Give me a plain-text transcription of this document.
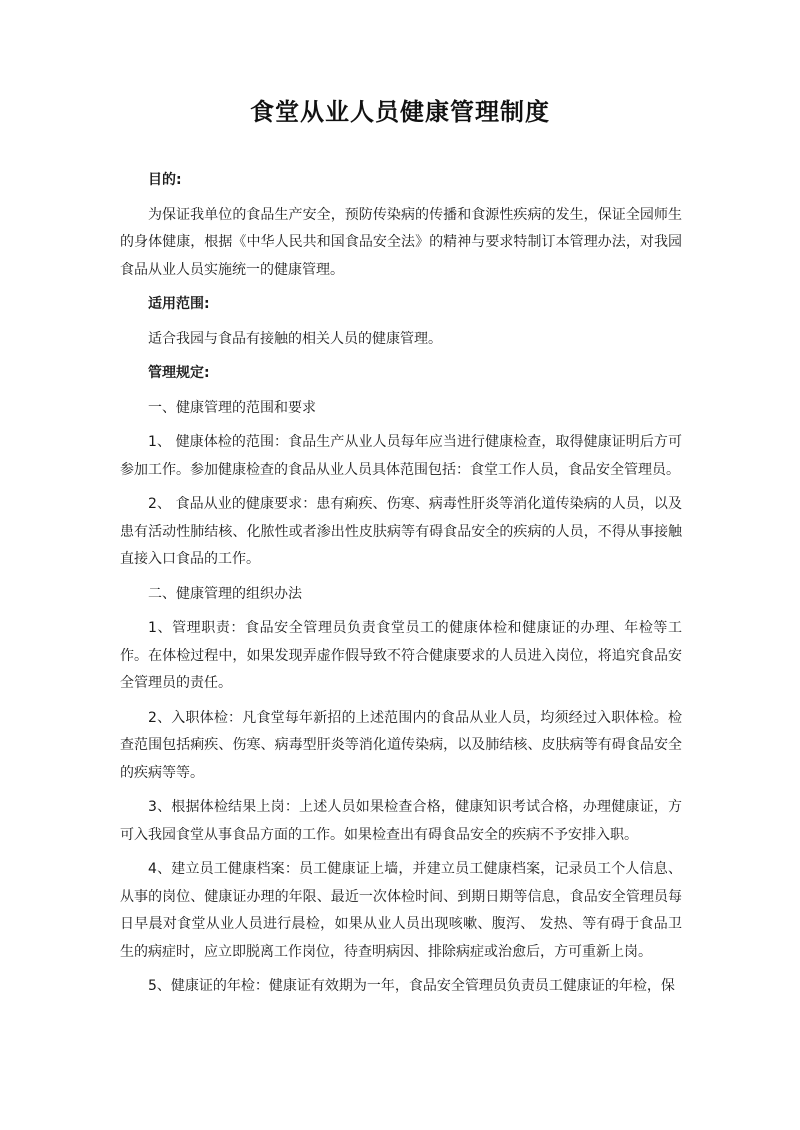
食堂从业人员健康管理制度

目的:

为保证我单位的食品生产安全，预防传染病的传播和食源性疾病的发生，保证全园师生的身体健康，根据《中华人民共和国食品安全法》的精神与要求特制订本管理办法，对我园食品从业人员实施统一的健康管理。

适用范围:

适合我园与食品有接触的相关人员的健康管理。

管理规定:

一、健康管理的范围和要求

1、 健康体检的范围：食品生产从业人员每年应当进行健康检查，取得健康证明后方可参加工作。参加健康检查的食品从业人员具体范围包括：食堂工作人员，食品安全管理员。

2、 食品从业的健康要求：患有痢疾、伤寒、病毒性肝炎等消化道传染病的人员，以及患有活动性肺结核、化脓性或者渗出性皮肤病等有碍食品安全的疾病的人员，不得从事接触直接入口食品的工作。

二、健康管理的组织办法

1、管理职责：食品安全管理员负责食堂员工的健康体检和健康证的办理、年检等工作。在体检过程中，如果发现弄虚作假导致不符合健康要求的人员进入岗位，将追究食品安全管理员的责任。

2、入职体检：凡食堂每年新招的上述范围内的食品从业人员，均须经过入职体检。检查范围包括痢疾、伤寒、病毒型肝炎等消化道传染病，以及肺结核、皮肤病等有碍食品安全的疾病等等。

3、根据体检结果上岗：上述人员如果检查合格，健康知识考试合格，办理健康证，方可入我园食堂从事食品方面的工作。如果检查出有碍食品安全的疾病不予安排入职。

4、建立员工健康档案：员工健康证上墙，并建立员工健康档案，记录员工个人信息、从事的岗位、健康证办理的年限、最近一次体检时间、到期日期等信息，食品安全管理员每日早晨对食堂从业人员进行晨检，如果从业人员出现咳嗽、腹泻、 发热、等有碍于食品卫生的病症时，应立即脱离工作岗位，待查明病因、排除病症或治愈后，方可重新上岗。

5、健康证的年检：健康证有效期为一年，食品安全管理员负责员工健康证的年检，保
